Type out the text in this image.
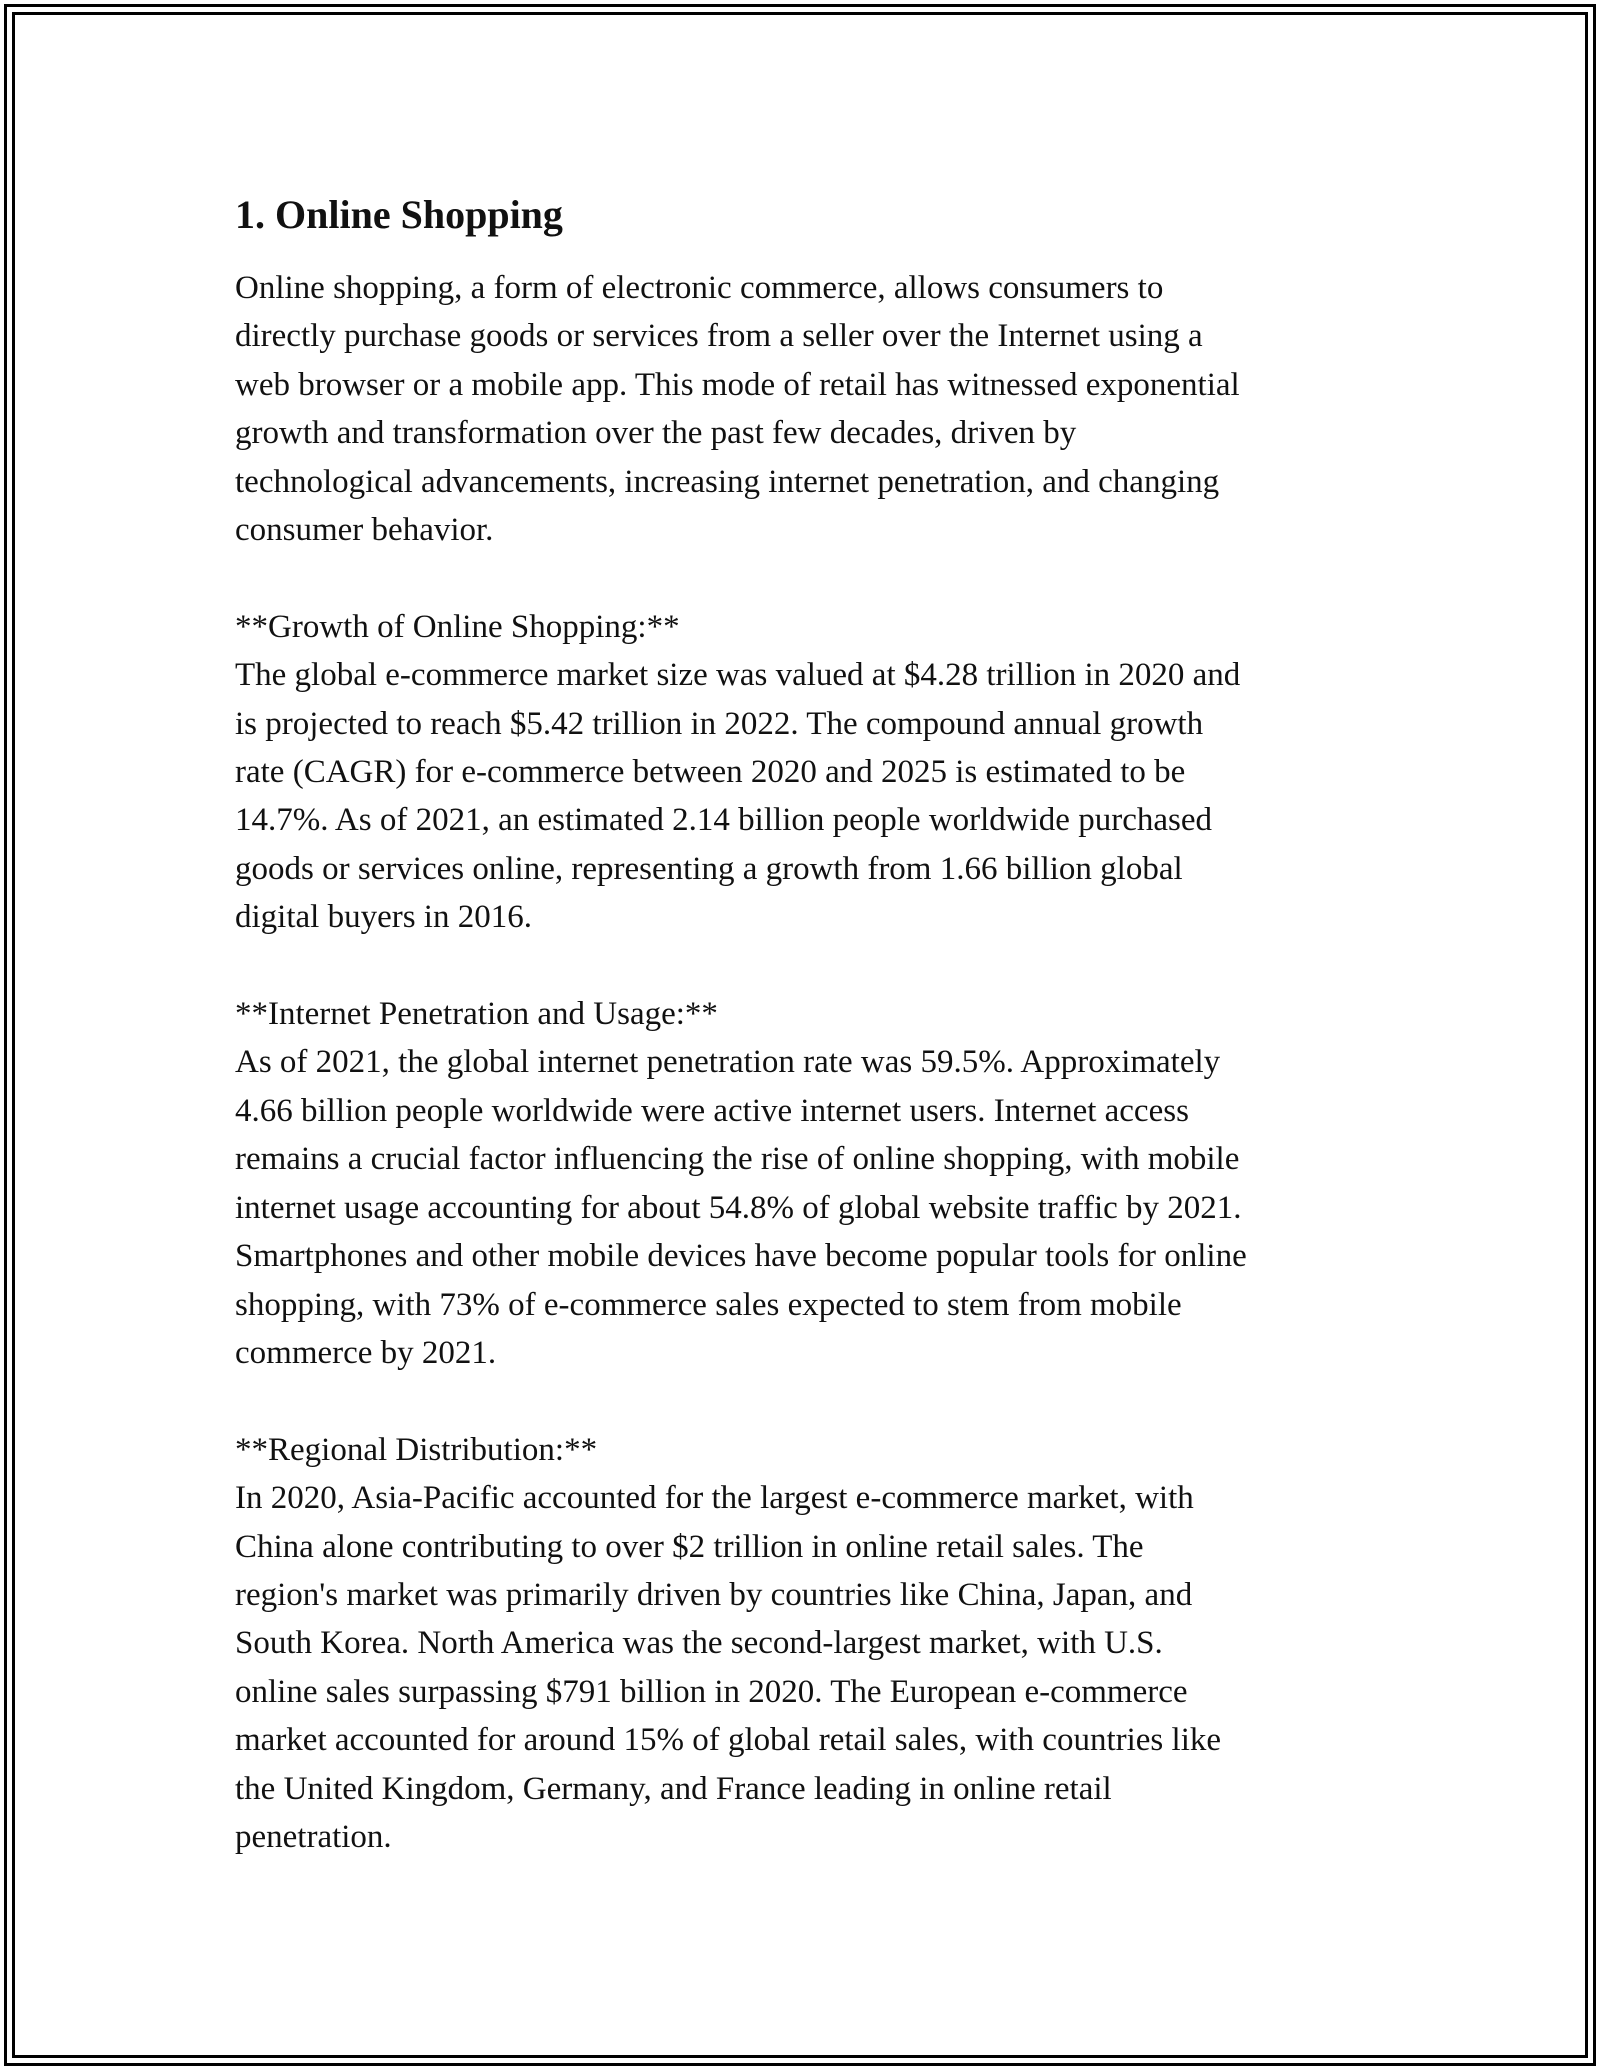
1. Online Shopping

Online shopping, a form of electronic commerce, allows consumers to
directly purchase goods or services from a seller over the Internet using a
web browser or a mobile app. This mode of retail has witnessed exponential
growth and transformation over the past few decades, driven by
technological advancements, increasing internet penetration, and changing
consumer behavior.

**Growth of Online Shopping:**

The global e-commerce market size was valued at $4.28 trillion in 2020 and
is projected to reach $5.42 trillion in 2022. The compound annual growth
rate (CAGR) for e-commerce between 2020 and 2025 is estimated to be
14.7%. As of 2021, an estimated 2.14 billion people worldwide purchased
goods or services online, representing a growth from 1.66 billion global
digital buyers in 2016.

**Internet Penetration and Usage:**

As of 2021, the global internet penetration rate was 59.5%. Approximately
4.66 billion people worldwide were active internet users. Internet access
remains a crucial factor influencing the rise of online shopping, with mobile
internet usage accounting for about 54.8% of global website traffic by 2021.
Smartphones and other mobile devices have become popular tools for online
shopping, with 73% of e-commerce sales expected to stem from mobile
commerce by 2021.

**Regional Distribution:**

In 2020, Asia-Pacific accounted for the largest e-commerce market, with
China alone contributing to over $2 trillion in online retail sales. The
region's market was primarily driven by countries like China, Japan, and
South Korea. North America was the second-largest market, with U.S.
online sales surpassing $791 billion in 2020. The European e-commerce
market accounted for around 15% of global retail sales, with countries like
the United Kingdom, Germany, and France leading in online retail
penetration.
